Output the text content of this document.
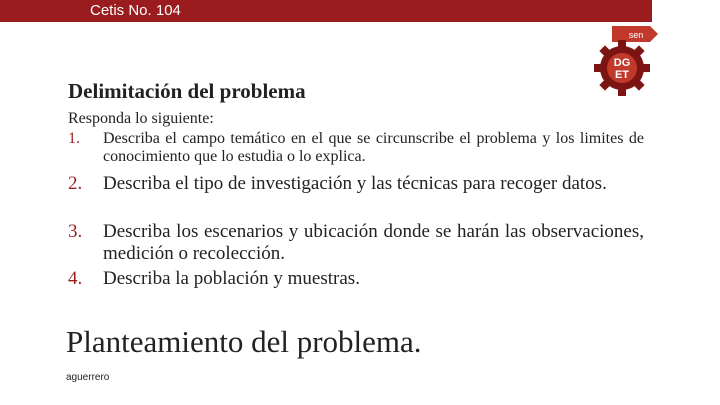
Cetis No. 104
sen
DG
ET
Delimitación del problema
Responda lo siguiente:
1. Describa el campo temático en el que se circunscribe el problema y los limites de conocimiento que lo estudia o lo explica.
2. Describa el tipo de investigación y las técnicas para recoger datos.
3. Describa los escenarios y ubicación donde se harán las observaciones, medición o recolección.
4. Describa la población y muestras.
Planteamiento del problema.
aguerrero
